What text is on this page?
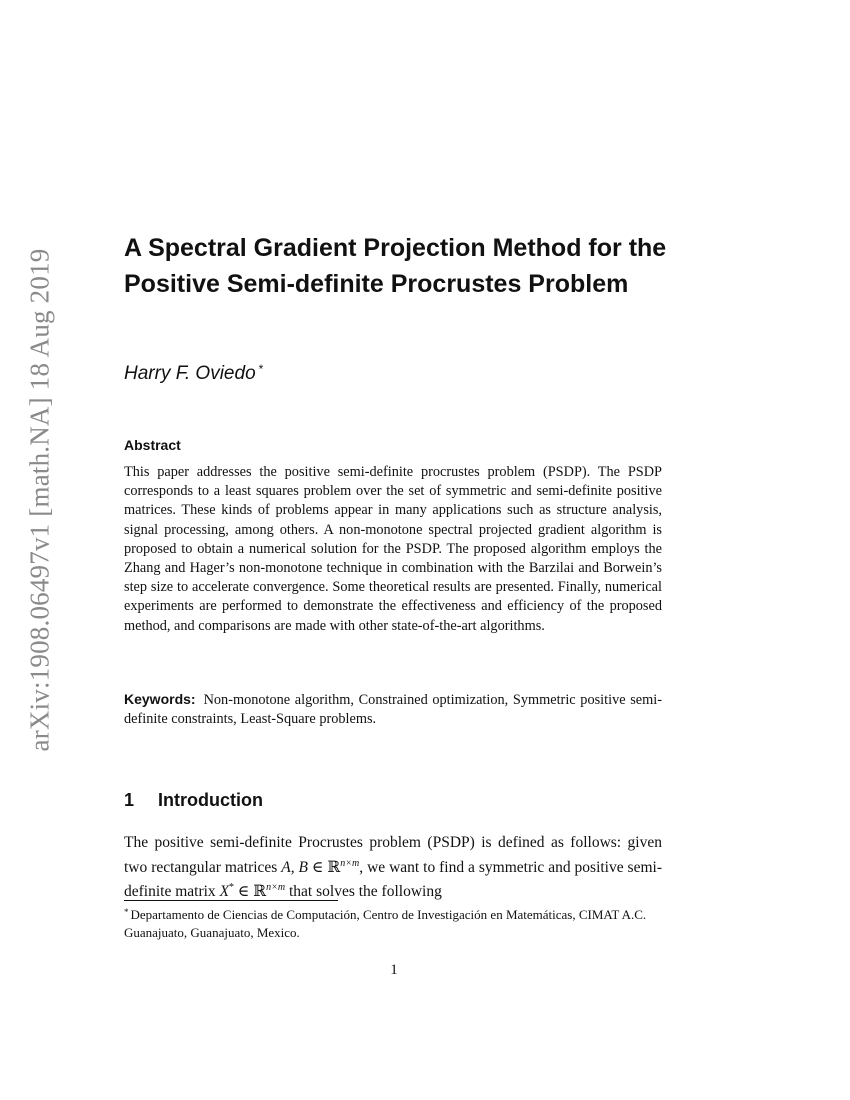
arXiv:1908.06497v1 [math.NA] 18 Aug 2019
A Spectral Gradient Projection Method for the Positive Semi-definite Procrustes Problem
Harry F. Oviedo *
Abstract

This paper addresses the positive semi-definite procrustes problem (PSDP). The PSDP corresponds to a least squares problem over the set of symmetric and semi-definite positive matrices. These kinds of problems appear in many applications such as structure analysis, signal processing, among others. A non-monotone spectral projected gradient algorithm is proposed to obtain a numerical solution for the PSDP. The proposed algorithm employs the Zhang and Hager’s non-monotone technique in combination with the Barzilai and Borwein’s step size to accelerate convergence. Some theoretical results are presented. Finally, numerical experiments are performed to demonstrate the effectiveness and efficiency of the proposed method, and comparisons are made with other state-of-the-art algorithms.

Keywords: Non-monotone algorithm, Constrained optimization, Symmetric positive semi-definite constraints, Least-Square problems.

1 Introduction

The positive semi-definite Procrustes problem (PSDP) is defined as follows: given two rectangular matrices A, B ∈ ℝ$^{n\times m}$, we want to find a symmetric and positive semi-definite matrix X* ∈ ℝ$^{n\times m}$ that solves the following

* Departamento de Ciencias de Computación, Centro de Investigación en Matemáticas, CIMAT A.C. Guanajuato, Guanajuato, Mexico.

1
